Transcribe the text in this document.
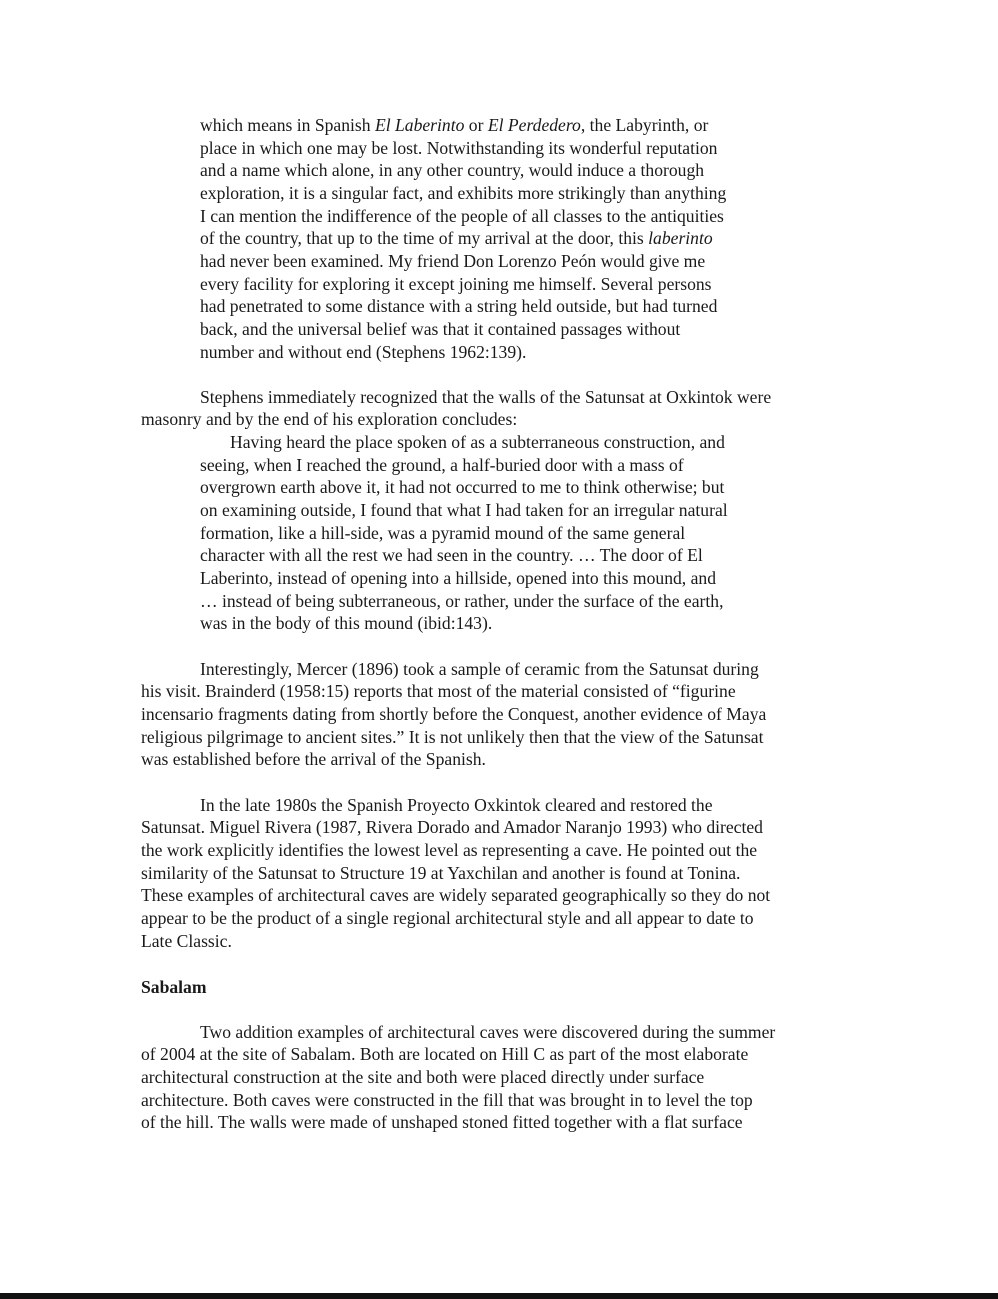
which means in Spanish El Laberinto or El Perdedero, the Labyrinth, or
place in which one may be lost. Notwithstanding its wonderful reputation
and a name which alone, in any other country, would induce a thorough
exploration, it is a singular fact, and exhibits more strikingly than anything
I can mention the indifference of the people of all classes to the antiquities
of the country, that up to the time of my arrival at the door, this laberinto
had never been examined. My friend Don Lorenzo Peón would give me
every facility for exploring it except joining me himself. Several persons
had penetrated to some distance with a string held outside, but had turned
back, and the universal belief was that it contained passages without
number and without end (Stephens 1962:139).
Stephens immediately recognized that the walls of the Satunsat at Oxkintok were
masonry and by the end of his exploration concludes:
Having heard the place spoken of as a subterraneous construction, and
seeing, when I reached the ground, a half-buried door with a mass of
overgrown earth above it, it had not occurred to me to think otherwise; but
on examining outside, I found that what I had taken for an irregular natural
formation, like a hill-side, was a pyramid mound of the same general
character with all the rest we had seen in the country. … The door of El
Laberinto, instead of opening into a hillside, opened into this mound, and
… instead of being subterraneous, or rather, under the surface of the earth,
was in the body of this mound (ibid:143).
Interestingly, Mercer (1896) took a sample of ceramic from the Satunsat during
his visit. Brainderd (1958:15) reports that most of the material consisted of “figurine
incensario fragments dating from shortly before the Conquest, another evidence of Maya
religious pilgrimage to ancient sites.” It is not unlikely then that the view of the Satunsat
was established before the arrival of the Spanish.
In the late 1980s the Spanish Proyecto Oxkintok cleared and restored the
Satunsat. Miguel Rivera (1987, Rivera Dorado and Amador Naranjo 1993) who directed
the work explicitly identifies the lowest level as representing a cave. He pointed out the
similarity of the Satunsat to Structure 19 at Yaxchilan and another is found at Tonina.
These examples of architectural caves are widely separated geographically so they do not
appear to be the product of a single regional architectural style and all appear to date to
Late Classic.
Sabalam
Two addition examples of architectural caves were discovered during the summer
of 2004 at the site of Sabalam. Both are located on Hill C as part of the most elaborate
architectural construction at the site and both were placed directly under surface
architecture. Both caves were constructed in the fill that was brought in to level the top
of the hill. The walls were made of unshaped stoned fitted together with a flat surface
